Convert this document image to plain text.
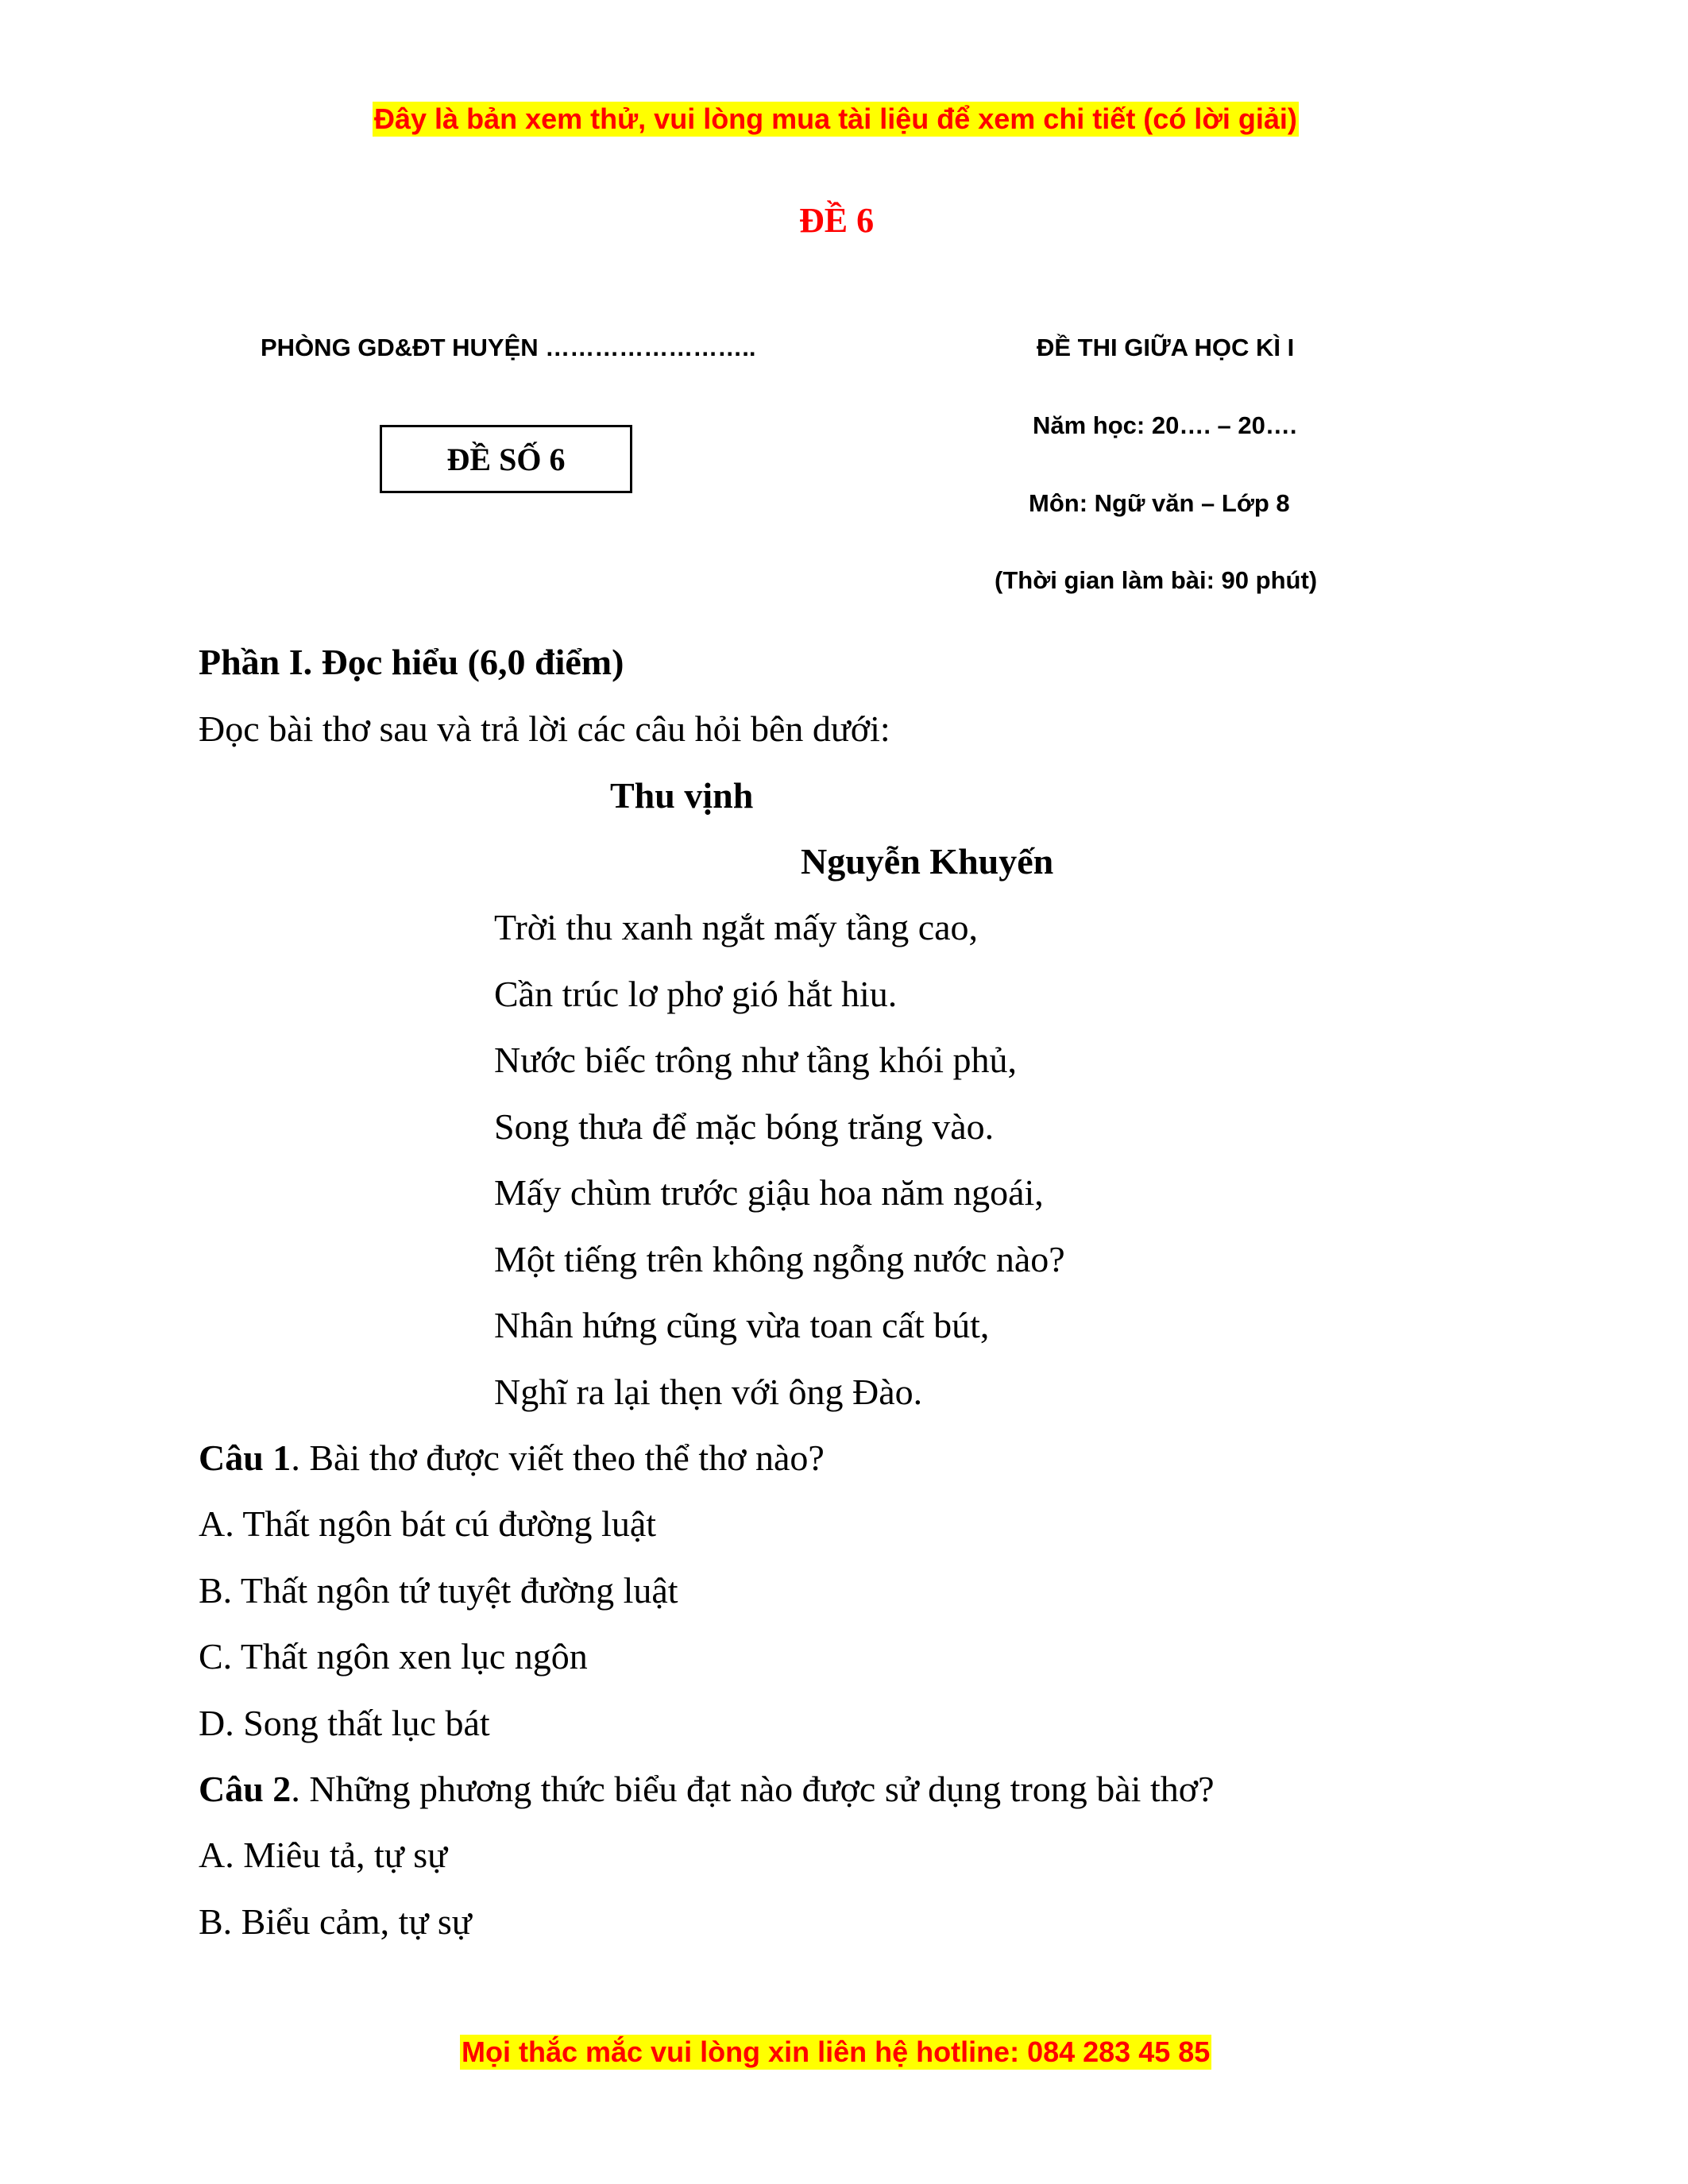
Đây là bản xem thử, vui lòng mua tài liệu để xem chi tiết (có lời giải)
ĐỀ 6
PHÒNG GD&ĐT HUYỆN ……………………..
ĐỀ SỐ 6
ĐỀ THI GIỮA HỌC KÌ I
Năm học: 20…. – 20….
Môn: Ngữ văn – Lớp 8
(Thời gian làm bài: 90 phút)
Phần I. Đọc hiểu (6,0 điểm)
Đọc bài thơ sau và trả lời các câu hỏi bên dưới:
Thu vịnh
Nguyễn Khuyến
Trời thu xanh ngắt mấy tầng cao,
Cần trúc lơ phơ gió hắt hiu.
Nước biếc trông như tầng khói phủ,
Song thưa để mặc bóng trăng vào.
Mấy chùm trước giậu hoa năm ngoái,
Một tiếng trên không ngỗng nước nào?
Nhân hứng cũng vừa toan cất bút,
Nghĩ ra lại thẹn với ông Đào.
Câu 1. Bài thơ được viết theo thể thơ nào?
A. Thất ngôn bát cú đường luật
B. Thất ngôn tứ tuyệt đường luật
C. Thất ngôn xen lục ngôn
D. Song thất lục bát
Câu 2. Những phương thức biểu đạt nào được sử dụng trong bài thơ?
A. Miêu tả, tự sự
B. Biểu cảm, tự sự
Mọi thắc mắc vui lòng xin liên hệ hotline: 084 283 45 85
